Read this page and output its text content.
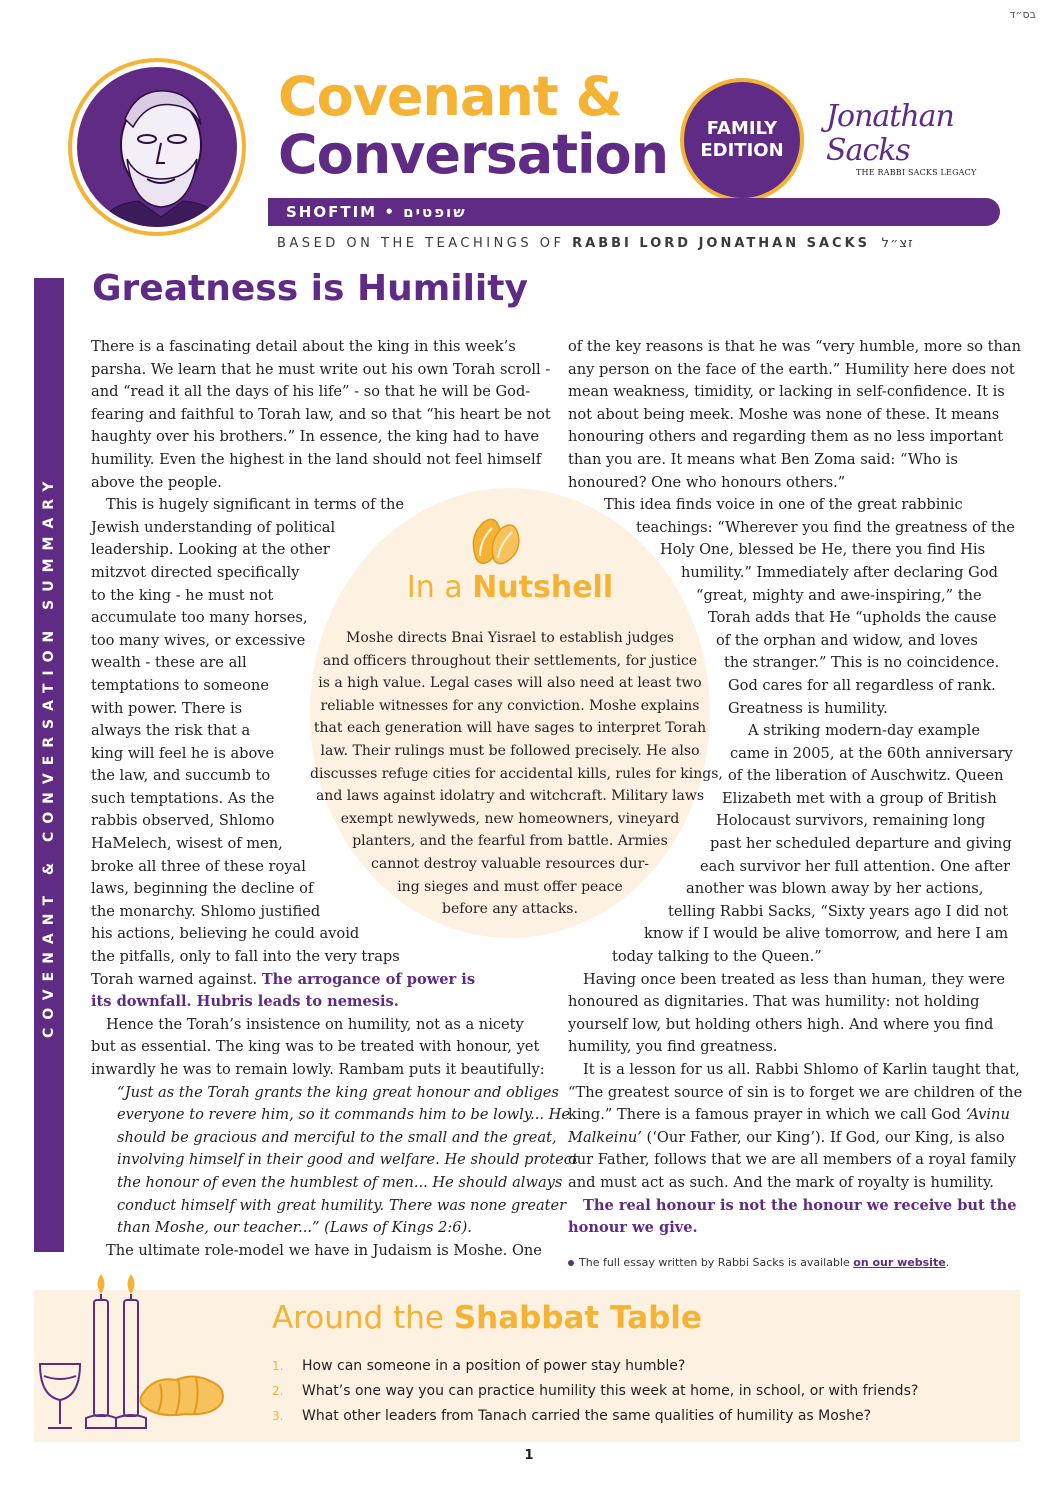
בס״ד
Covenant &
Conversation FAMILY
EDITION
Jonathan Sacks
THE RABBI SACKS LEGACY
SHOFTIM • שופטים
BASED ON THE TEACHINGS OF RABBI LORD JONATHAN SACKS זצ״ל
COVENANT & CONVERSATION SUMMARY
Greatness is Humility
There is a fascinating detail about the king in this week’s
parsha. We learn that he must write out his own Torah scroll -
and “read it all the days of his life” - so that he will be God-
fearing and faithful to Torah law, and so that “his heart be not
haughty over his brothers.” In essence, the king had to have
humility. Even the highest in the land should not feel himself
above the people.
This is hugely significant in terms of the
Jewish understanding of political
leadership. Looking at the other
mitzvot directed specifically
to the king - he must not
accumulate too many horses,
too many wives, or excessive
wealth - these are all
temptations to someone
with power. There is
always the risk that a
king will feel he is above
the law, and succumb to
such temptations. As the
rabbis observed, Shlomo
HaMelech, wisest of men,
broke all three of these royal
laws, beginning the decline of
the monarchy. Shlomo justified
his actions, believing he could avoid
the pitfalls, only to fall into the very traps
Torah warned against. The arrogance of power is
its downfall. Hubris leads to nemesis.
Hence the Torah’s insistence on humility, not as a nicety
but as essential. The king was to be treated with honour, yet
inwardly he was to remain lowly. Rambam puts it beautifully:
“Just as the Torah grants the king great honour and obliges
everyone to revere him, so it commands him to be lowly... He
should be gracious and merciful to the small and the great,
involving himself in their good and welfare. He should protect
the honour of even the humblest of men... He should always
conduct himself with great humility. There was none greater
than Moshe, our teacher...” (Laws of Kings 2:6).
The ultimate role-model we have in Judaism is Moshe. One
of the key reasons is that he was “very humble, more so than
any person on the face of the earth.” Humility here does not
mean weakness, timidity, or lacking in self-confidence. It is
not about being meek. Moshe was none of these. It means
honouring others and regarding them as no less important
than you are. It means what Ben Zoma said: “Who is
honoured? One who honours others.”
This idea finds voice in one of the great rabbinic
teachings: “Wherever you find the greatness of the
Holy One, blessed be He, there you find His
humility.” Immediately after declaring God
“great, mighty and awe-inspiring,” the
Torah adds that He “upholds the cause
of the orphan and widow, and loves
the stranger.” This is no coincidence.
God cares for all regardless of rank.
Greatness is humility.
A striking modern-day example
came in 2005, at the 60th anniversary
of the liberation of Auschwitz. Queen
Elizabeth met with a group of British
Holocaust survivors, remaining long
past her scheduled departure and giving
each survivor her full attention. One after
another was blown away by her actions,
telling Rabbi Sacks, “Sixty years ago I did not
know if I would be alive tomorrow, and here I am
today talking to the Queen.”
Having once been treated as less than human, they were
honoured as dignitaries. That was humility: not holding
yourself low, but holding others high. And where you find
humility, you find greatness.
It is a lesson for us all. Rabbi Shlomo of Karlin taught that,
“The greatest source of sin is to forget we are children of the
king.” There is a famous prayer in which we call God ‘Avinu
Malkeinu’ (‘Our Father, our King’). If God, our King, is also
our Father, follows that we are all members of a royal family
and must act as such. And the mark of royalty is humility.
The real honour is not the honour we receive but the
honour we give.
In a Nutshell
Moshe directs Bnai Yisrael to establish judges
and officers throughout their settlements, for justice
is a high value. Legal cases will also need at least two
reliable witnesses for any conviction. Moshe explains
that each generation will have sages to interpret Torah
law. Their rulings must be followed precisely. He also
discusses refuge cities for accidental kills, rules for kings,
and laws against idolatry and witchcraft. Military laws
exempt newlyweds, new homeowners, vineyard
planters, and the fearful from battle. Armies
cannot destroy valuable resources dur-
ing sieges and must offer peace
before any attacks.
The full essay written by Rabbi Sacks is available on our website.
Around the Shabbat Table
1. How can someone in a position of power stay humble?
2. What’s one way you can practice humility this week at home, in school, or with friends?
3. What other leaders from Tanach carried the same qualities of humility as Moshe?
1
